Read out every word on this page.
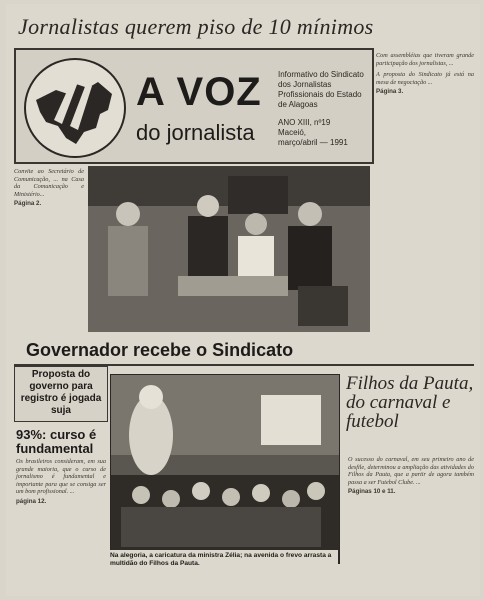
Jornalistas querem piso de 10 mínimos
A VOZ
do jornalista
Informativo do Sindicato dos Jornalistas Profissionais do Estado de Alagoas
ANO XIII, nº19
Maceió,
março/abril — 1991
Com assembléias que tiveram grande participação dos jornalistas, ...
A proposta do Sindicato já está na mesa de negociação ...
Página 3.
Convite ao Secretário de Comunicação, ... na Casa da Comunicação e Ministério...
Página 2.
Governador recebe o Sindicato
Proposta do governo para registro é jogada suja
93%: curso é fundamental
Os brasileiros consideram, em sua grande maioria, que o curso de jornalismo é fundamental e importante para que se consiga ser um bom profissional. ...
página 12.
Na alegoria, a caricatura da ministra Zélia; na avenida o frevo arrasta a multidão do Filhos da Pauta.
Filhos da Pauta, do carnaval e futebol
O sucesso do carnaval, em seu primeiro ano de desfile, determinou a ampliação das atividades do Filhos da Pauta, que a partir de agora também passa a ser Futebol Clube. ...
Páginas 10 e 11.
